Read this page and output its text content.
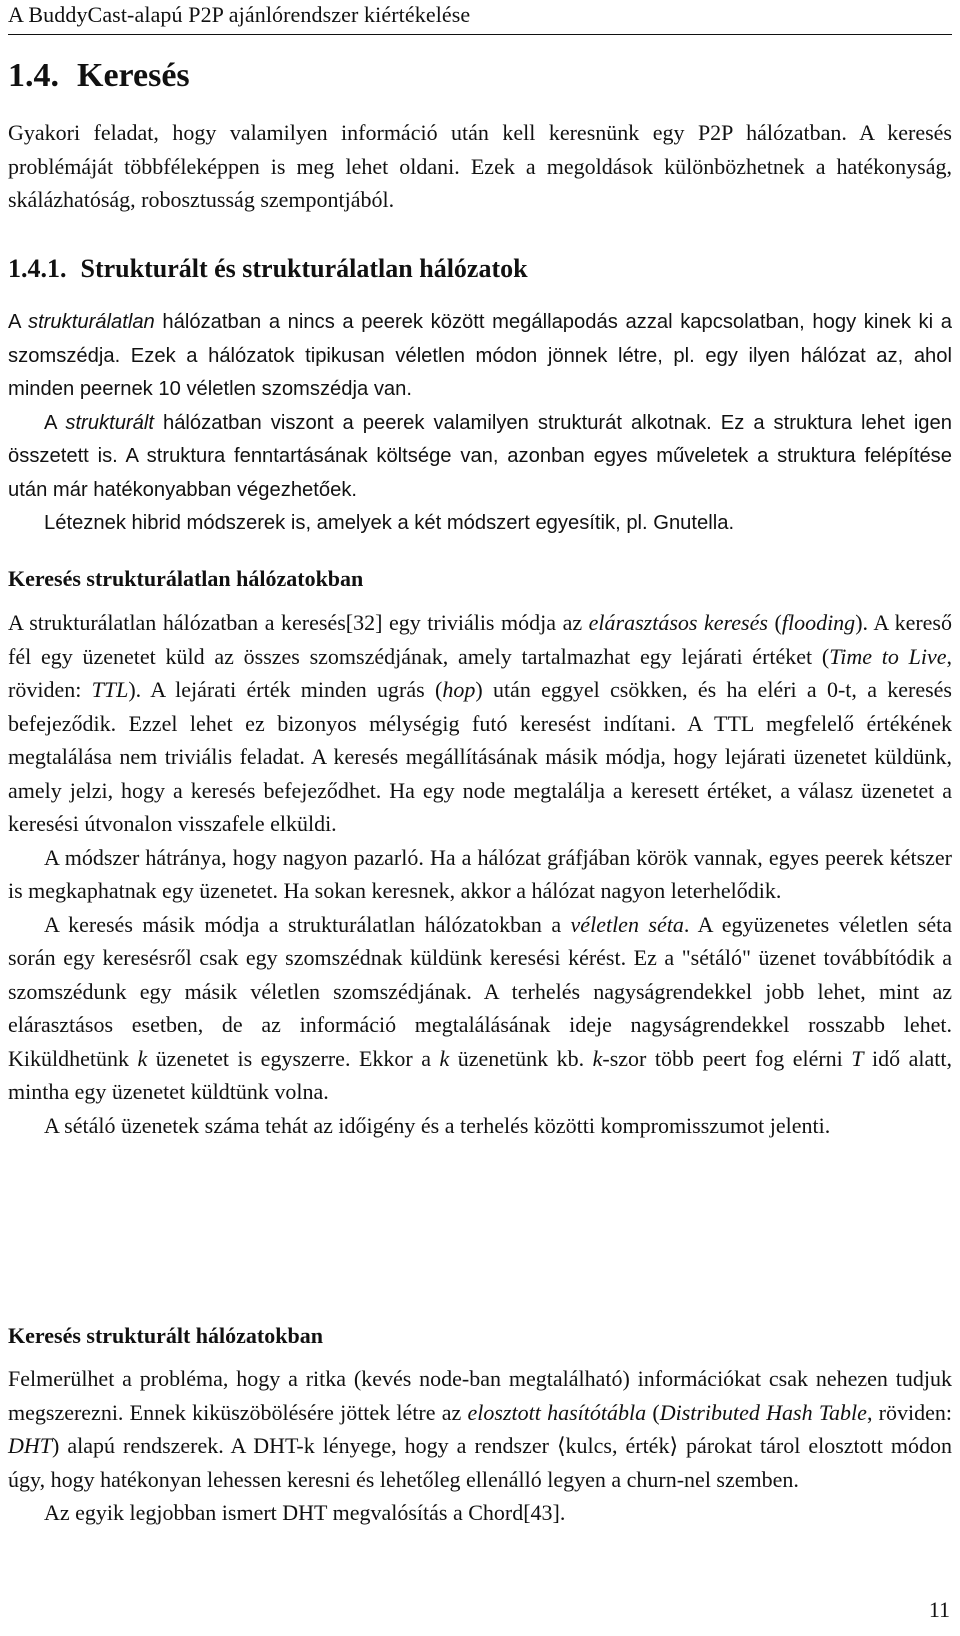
A BuddyCast-alapú P2P ajánlórendszer kiértékelése
1.4. Keresés

Gyakori feladat, hogy valamilyen információ után kell keresnünk egy P2P hálózatban. A keresés problémáját többféleképpen is meg lehet oldani. Ezek a megoldások különbözhetnek a hatékonyság, skálázhatóság, robosztusság szempontjából.

1.4.1. Strukturált és strukturálatlan hálózatok

A strukturálatlan hálózatban a nincs a peerek között megállapodás azzal kapcsolatban, hogy kinek ki a szomszédja. Ezek a hálózatok tipikusan véletlen módon jönnek létre, pl. egy ilyen hálózat az, ahol minden peernek 10 véletlen szomszédja van.

A strukturált hálózatban viszont a peerek valamilyen strukturát alkotnak. Ez a struktura lehet igen összetett is. A struktura fenntartásának költsége van, azonban egyes műveletek a struktura felépítése után már hatékonyabban végezhetőek.

Léteznek hibrid módszerek is, amelyek a két módszert egyesítik, pl. Gnutella.

Keresés strukturálatlan hálózatokban

A strukturálatlan hálózatban a keresés[32] egy triviális módja az elárasztásos keresés (flooding). A kereső fél egy üzenetet küld az összes szomszédjának, amely tartalmazhat egy lejárati értéket (Time to Live, röviden: TTL). A lejárati érték minden ugrás (hop) után eggyel csökken, és ha eléri a 0-t, a keresés befejeződik. Ezzel lehet ez bizonyos mélységig futó keresést indítani. A TTL megfelelő értékének megtalálása nem triviális feladat. A keresés megállításának másik módja, hogy lejárati üzenetet küldünk, amely jelzi, hogy a keresés befejeződhet. Ha egy node megtalálja a keresett értéket, a válasz üzenetet a keresési útvonalon visszafele elküldi.

A módszer hátránya, hogy nagyon pazarló. Ha a hálózat gráfjában körök vannak, egyes peerek kétszer is megkaphatnak egy üzenetet. Ha sokan keresnek, akkor a hálózat nagyon leterhelődik.

A keresés másik módja a strukturálatlan hálózatokban a véletlen séta. A együzenetes véletlen séta során egy keresésről csak egy szomszédnak küldünk keresési kérést. Ez a "sétáló" üzenet továbbítódik a szomszédunk egy másik véletlen szomszédjának. A terhelés nagyságrendekkel jobb lehet, mint az elárasztásos esetben, de az információ megtalálásának ideje nagyságrendekkel rosszabb lehet. Kiküldhetünk k üzenetet is egyszerre. Ekkor a k üzenetünk kb. k-szor több peert fog elérni T idő alatt, mintha egy üzenetet küldtünk volna.

A sétáló üzenetek száma tehát az időigény és a terhelés közötti kompromisszumot jelenti.

Keresés strukturált hálózatokban

Felmerülhet a probléma, hogy a ritka (kevés node-ban megtalálható) információkat csak nehezen tudjuk megszerezni. Ennek kiküszöbölésére jöttek létre az elosztott hasítótábla (Distributed Hash Table, röviden: DHT) alapú rendszerek. A DHT-k lényege, hogy a rendszer ⟨kulcs, érték⟩ párokat tárol elosztott módon úgy, hogy hatékonyan lehessen keresni és lehetőleg ellenálló legyen a churn-nel szemben.

Az egyik legjobban ismert DHT megvalósítás a Chord[43].

11
